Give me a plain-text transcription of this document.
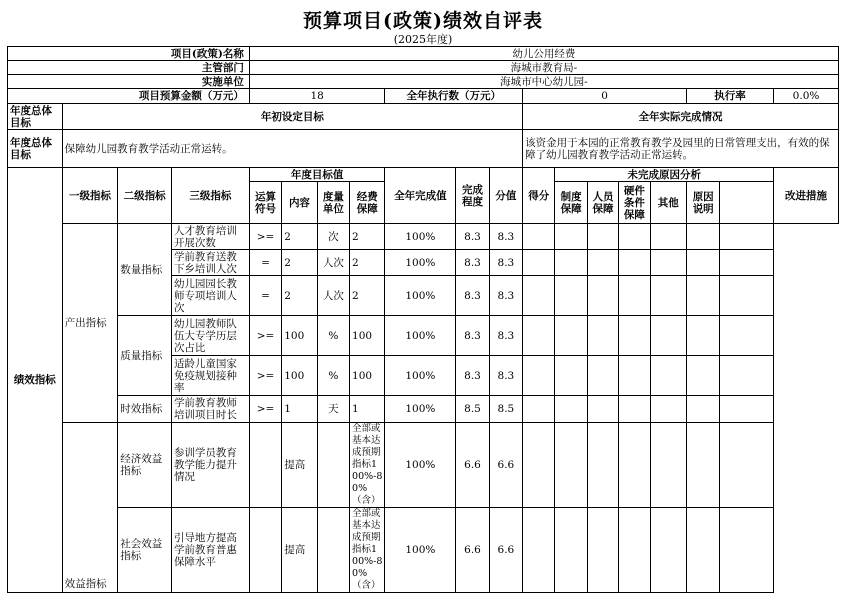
预算项目(政策)绩效自评表
(2025年度)
项目(政策)名称				幼儿公用经费														
主管部门				海城市教育局-														
实施单位				海城市中心幼儿园-														
项目预算金额（万元）				18				全年执行数（万元）			0					执行率		0.0%
年度总体目标	年初设定目标										全年实际完成情况							
年度总体目标	保障幼儿园教育教学活动正常运转。										该资金用于本园的正常教育教学及园里的日常管理支出，有效的保障了幼儿园教育教学活动正常运转。							
绩效指标	一级指标	二级指标	三级指标	年度目标值				全年完成值	完成程度	分值	得分	未完成原因分析						改进措施
				运算符号	内容	度量单位	经费保障					制度保障	人员保障	硬件条件保障	其他	原因说明		
	产出指标	数量指标	人才教育培训开展次数	>=	2	次	2	100%	8.3	8.3								
			学前教育送教下乡培训人次	=	2	人次	2	100%	8.3	8.3								
			幼儿园园长教师专项培训人次	=	2	人次	2	100%	8.3	8.3								
		质量指标	幼儿园教师队伍大专学历层次占比	>=	100	%	100	100%	8.3	8.3								
			适龄儿童国家免疫规划接种率	>=	100	%	100	100%	8.3	8.3								
		时效指标	学前教育教师培训项目时长	>=	1	天	1	100%	8.5	8.5								
	效益指标	经济效益指标	参训学员教育教学能力提升情况		提高		全部或基本达成预期指标100%-80%（含）	100%	6.6	6.6								
		社会效益指标	引导地方提高学前教育普惠保障水平		提高		全部或基本达成预期指标100%-80%（含）	100%	6.6	6.6								
